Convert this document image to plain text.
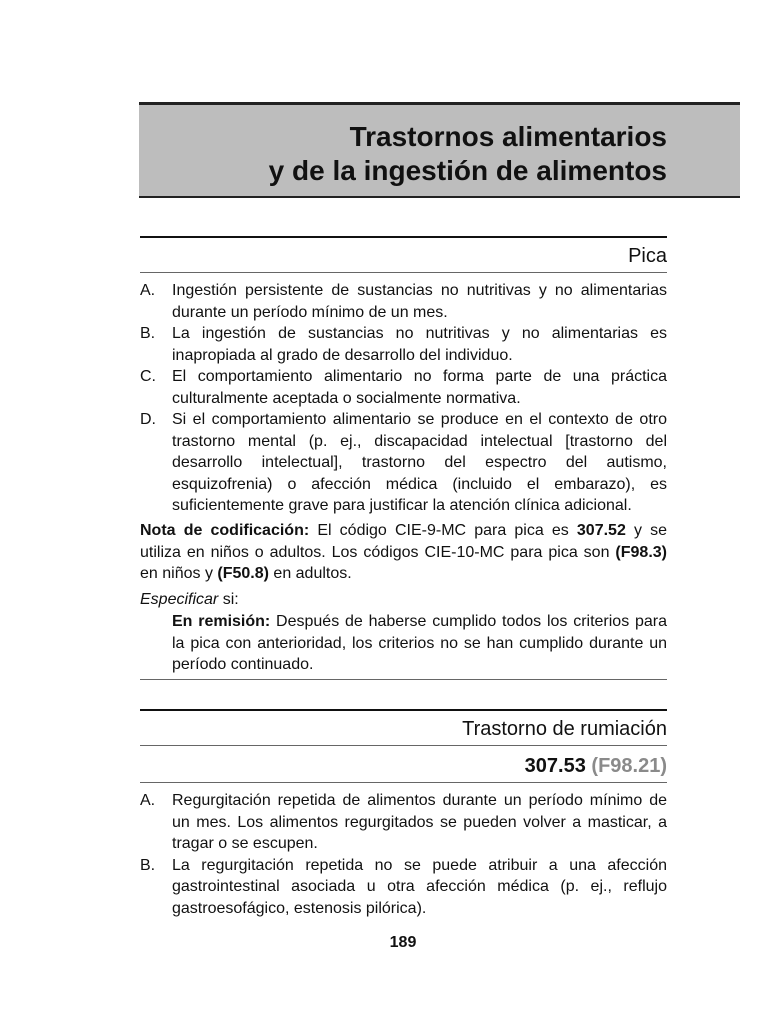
Trastornos alimentarios
y de la ingestión de alimentos
Pica
A. Ingestión persistente de sustancias no nutritivas y no alimentarias durante un período mínimo de un mes.
B. La ingestión de sustancias no nutritivas y no alimentarias es inapropiada al grado de desarrollo del individuo.
C. El comportamiento alimentario no forma parte de una práctica culturalmente aceptada o socialmente normativa.
D. Si el comportamiento alimentario se produce en el contexto de otro trastorno mental (p. ej., discapacidad intelectual [trastorno del desarrollo intelectual], trastorno del espectro del autismo, esquizofrenia) o afección médica (incluido el embarazo), es suficientemente grave para justificar la atención clínica adicional.
Nota de codificación: El código CIE-9-MC para pica es 307.52 y se utiliza en niños o adultos. Los códigos CIE-10-MC para pica son (F98.3) en niños y (F50.8) en adultos.
Especificar si:
En remisión: Después de haberse cumplido todos los criterios para la pica con anterioridad, los criterios no se han cumplido durante un período continuado.
Trastorno de rumiación
307.53 (F98.21)
A. Regurgitación repetida de alimentos durante un período mínimo de un mes. Los alimentos regurgitados se pueden volver a masticar, a tragar o se escupen.
B. La regurgitación repetida no se puede atribuir a una afección gastrointestinal asociada u otra afección médica (p. ej., reflujo gastroesofágico, estenosis pilórica).
189
